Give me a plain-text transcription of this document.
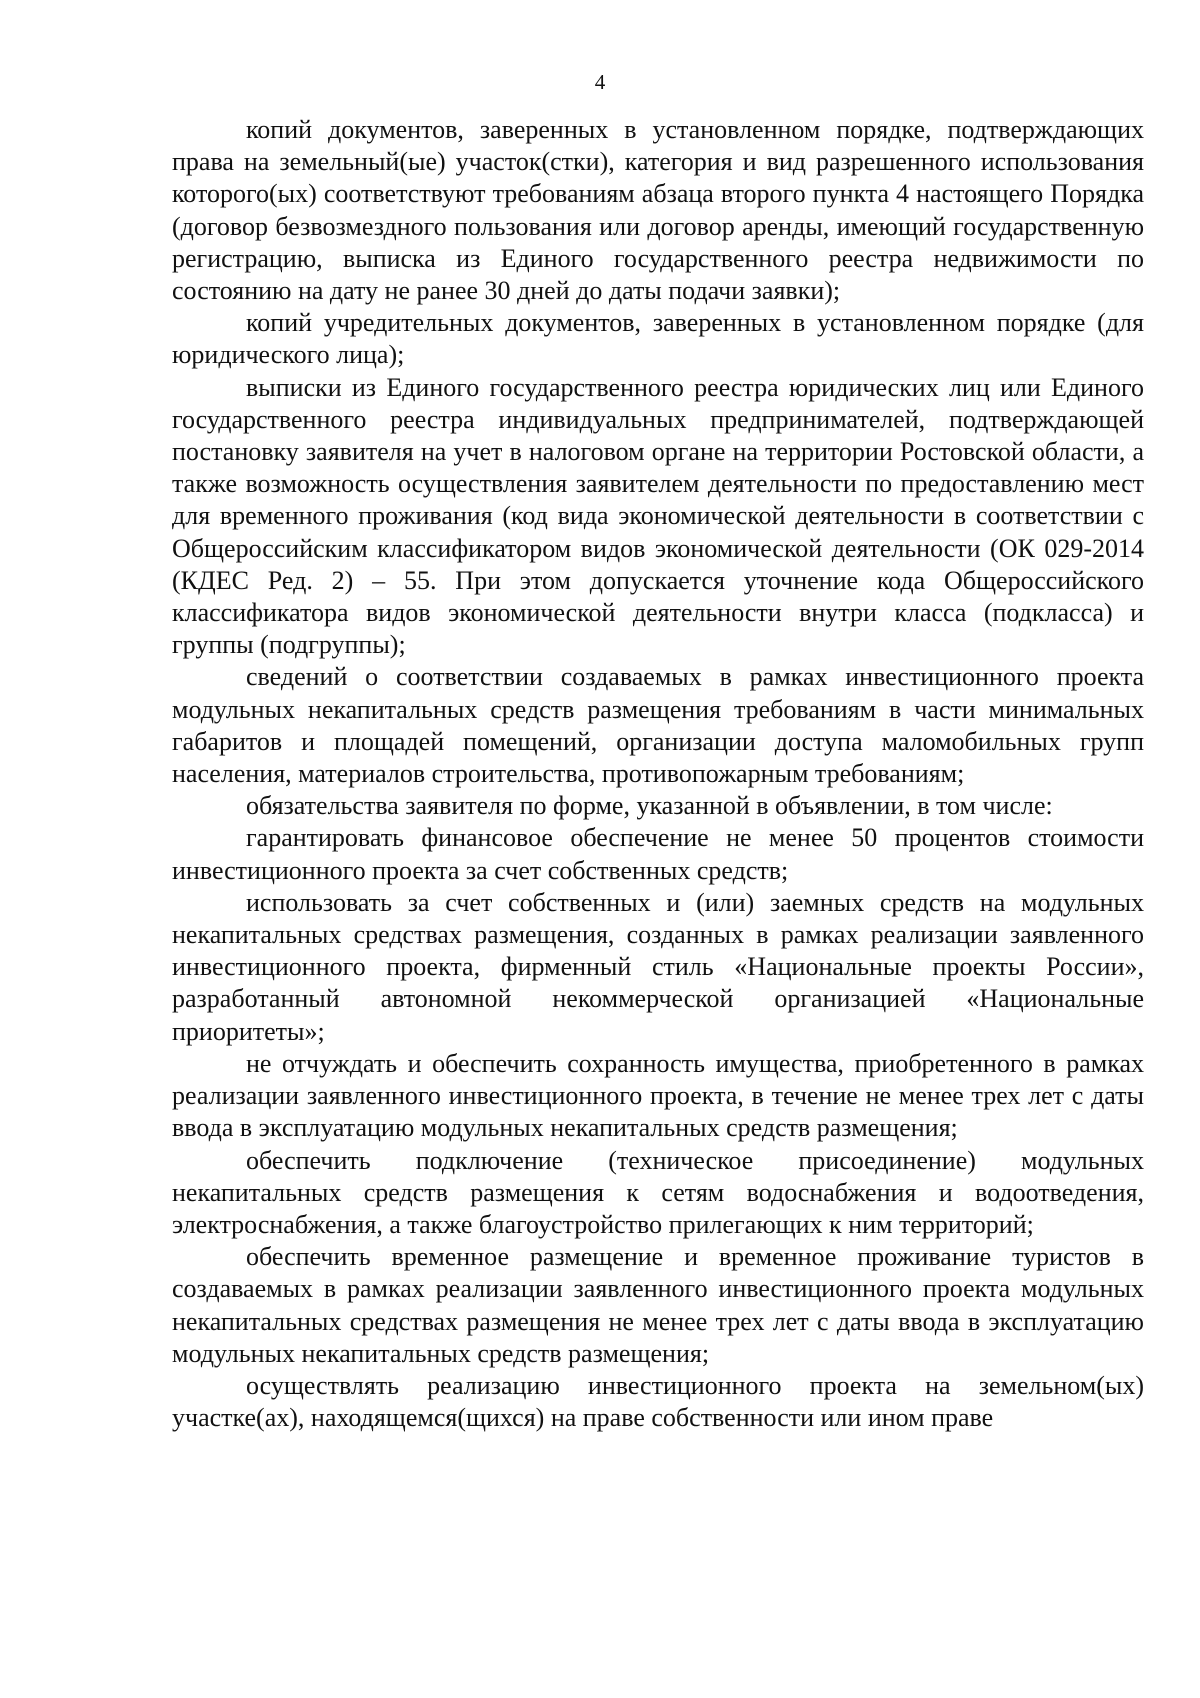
4

копий документов, заверенных в установленном порядке, подтверждающих права на земельный(ые) участок(стки), категория и вид разрешенного использования которого(ых) соответствуют требованиям абзаца второго пункта 4 настоящего Порядка (договор безвозмездного пользования или договор аренды, имеющий государственную регистрацию, выписка из Единого государственного реестра недвижимости по состоянию на дату не ранее 30 дней до даты подачи заявки);

копий учредительных документов, заверенных в установленном порядке (для юридического лица);

выписки из Единого государственного реестра юридических лиц или Единого государственного реестра индивидуальных предпринимателей, подтверждающей постановку заявителя на учет в налоговом органе на территории Ростовской области, а также возможность осуществления заявителем деятельности по предоставлению мест для временного проживания (код вида экономической деятельности в соответствии с Общероссийским классификатором видов экономической деятельности (ОК 029-2014 (КДЕС Ред. 2) – 55. При этом допускается уточнение кода Общероссийского классификатора видов экономической деятельности внутри класса (подкласса) и группы (подгруппы);

сведений о соответствии создаваемых в рамках инвестиционного проекта модульных некапитальных средств размещения требованиям в части минимальных габаритов и площадей помещений, организации доступа маломобильных групп населения, материалов строительства, противопожарным требованиям;

обязательства заявителя по форме, указанной в объявлении, в том числе:

гарантировать финансовое обеспечение не менее 50 процентов стоимости инвестиционного проекта за счет собственных средств;

использовать за счет собственных и (или) заемных средств на модульных некапитальных средствах размещения, созданных в рамках реализации заявленного инвестиционного проекта, фирменный стиль «Национальные проекты России», разработанный автономной некоммерческой организацией «Национальные приоритеты»;

не отчуждать и обеспечить сохранность имущества, приобретенного в рамках реализации заявленного инвестиционного проекта, в течение не менее трех лет с даты ввода в эксплуатацию модульных некапитальных средств размещения;

обеспечить подключение (техническое присоединение) модульных некапитальных средств размещения к сетям водоснабжения и водоотведения, электроснабжения, а также благоустройство прилегающих к ним территорий;

обеспечить временное размещение и временное проживание туристов в создаваемых в рамках реализации заявленного инвестиционного проекта модульных некапитальных средствах размещения не менее трех лет с даты ввода в эксплуатацию модульных некапитальных средств размещения;

осуществлять реализацию инвестиционного проекта на земельном(ых) участке(ах), находящемся(щихся) на праве собственности или ином праве
